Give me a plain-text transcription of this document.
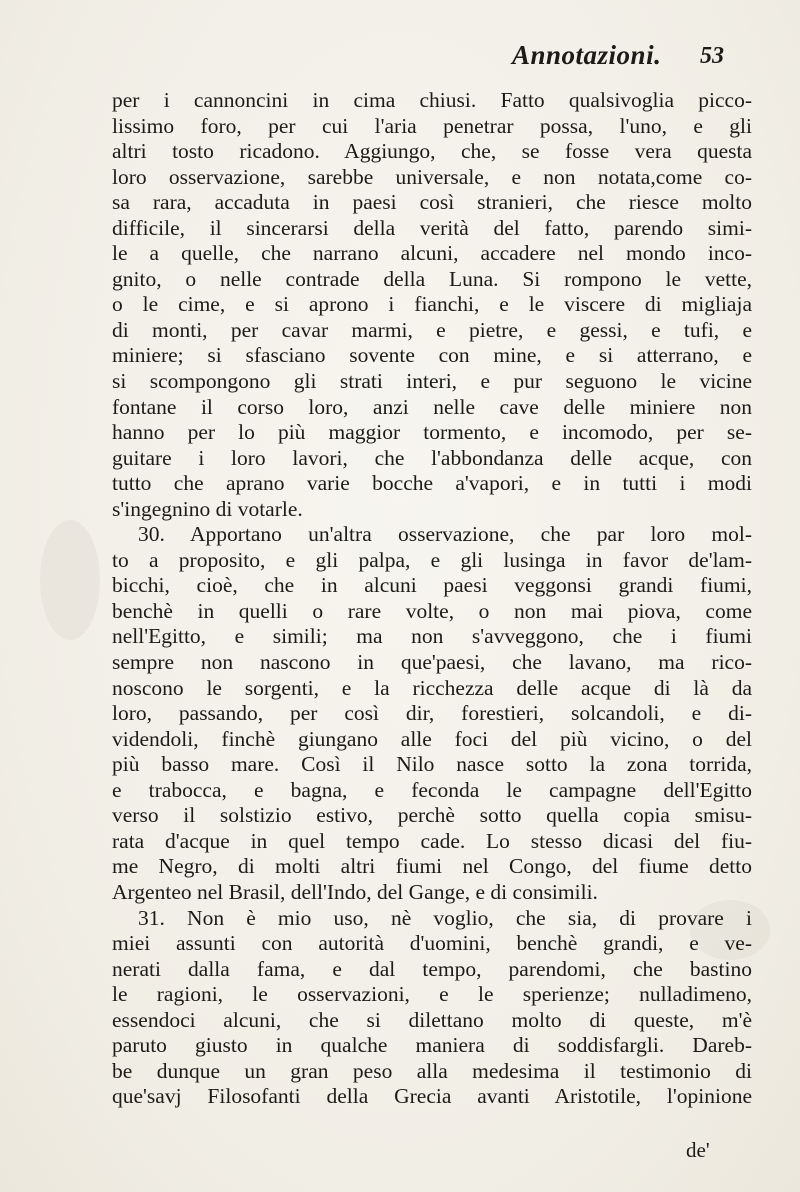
Annotazioni. 53
per i cannoncini in cima chiusi. Fatto qualsivoglia picco-
lissimo foro, per cui l'aria penetrar possa, l'uno, e gli
altri tosto ricadono. Aggiungo, che, se fosse vera questa
loro osservazione, sarebbe universale, e non notata,come co-
sa rara, accaduta in paesi così stranieri, che riesce molto
difficile, il sincerarsi della verità del fatto, parendo simi-
le a quelle, che narrano alcuni, accadere nel mondo inco-
gnito, o nelle contrade della Luna. Si rompono le vette,
o le cime, e si aprono i fianchi, e le viscere di migliaja
di monti, per cavar marmi, e pietre, e gessi, e tufi, e
miniere; si sfasciano sovente con mine, e si atterrano, e
si scompongono gli strati interi, e pur seguono le vicine
fontane il corso loro, anzi nelle cave delle miniere non
hanno per lo più maggior tormento, e incomodo, per se-
guitare i loro lavori, che l'abbondanza delle acque, con
tutto che aprano varie bocche a'vapori, e in tutti i modi
s'ingegnino di votarle.
30. Apportano un'altra osservazione, che par loro mol-
to a proposito, e gli palpa, e gli lusinga in favor de'lam-
bicchi, cioè, che in alcuni paesi veggonsi grandi fiumi,
benchè in quelli o rare volte, o non mai piova, come
nell'Egitto, e simili; ma non s'avveggono, che i fiumi
sempre non nascono in que'paesi, che lavano, ma rico-
noscono le sorgenti, e la ricchezza delle acque di là da
loro, passando, per così dir, forestieri, solcandoli, e di-
videndoli, finchè giungano alle foci del più vicino, o del
più basso mare. Così il Nilo nasce sotto la zona torrida,
e trabocca, e bagna, e feconda le campagne dell'Egitto
verso il solstizio estivo, perchè sotto quella copia smisu-
rata d'acque in quel tempo cade. Lo stesso dicasi del fiu-
me Negro, di molti altri fiumi nel Congo, del fiume detto
Argenteo nel Brasil, dell'Indo, del Gange, e di consimili.
31. Non è mio uso, nè voglio, che sia, di provare i
miei assunti con autorità d'uomini, benchè grandi, e ve-
nerati dalla fama, e dal tempo, parendomi, che bastino
le ragioni, le osservazioni, e le sperienze; nulladimeno,
essendoci alcuni, che si dilettano molto di queste, m'è
paruto giusto in qualche maniera di soddisfargli. Dareb-
be dunque un gran peso alla medesima il testimonio di
que'savj Filosofanti della Grecia avanti Aristotile, l'opinione
de'
